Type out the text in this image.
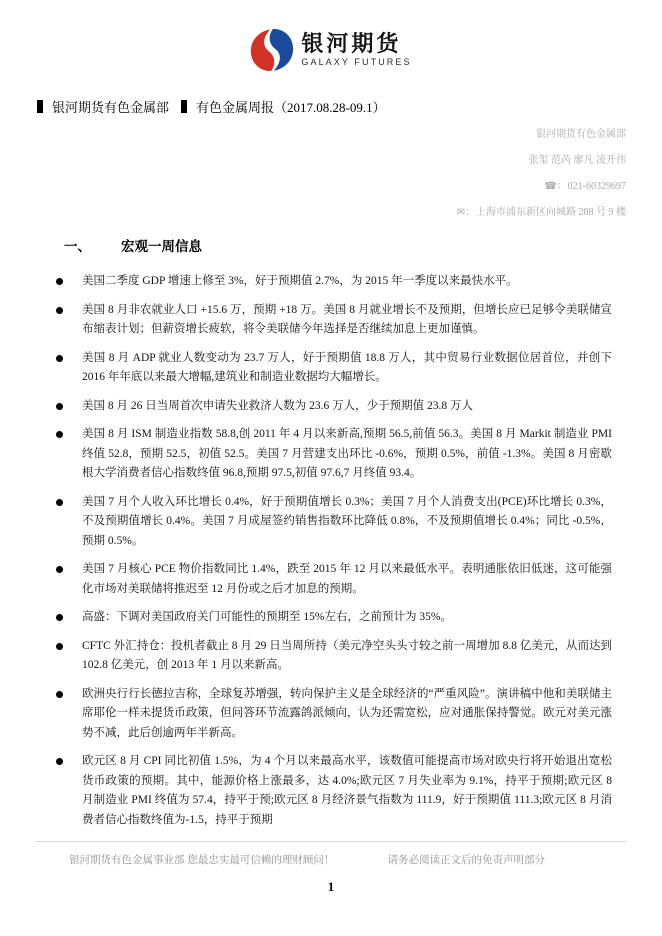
银河期货
GALAXY FUTURES
银河期货有色金属部 有色金属周报（2017.08.28-09.1）
银河期货有色金属部
张玺 范芮 廖凡 凌开伟
☎：021-60329697
✉：上海市浦东新区向城路 288 号 9 楼
一、 宏观一周信息
美国二季度 GDP 增速上修至 3%，好于预期值 2.7%，为 2015 年一季度以来最快水平。
美国 8 月非农就业人口 +15.6 万，预期 +18 万。美国 8 月就业增长不及预期，但增长应已足够令美联储宣布缩表计划；但薪资增长疲软，将令美联储今年选择是否继续加息上更加谨慎。
美国 8 月 ADP 就业人数变动为 23.7 万人，好于预期值 18.8 万人，其中贸易行业数据位居首位，并创下 2016 年年底以来最大增幅,建筑业和制造业数据均大幅增长。
美国 8 月 26 日当周首次申请失业救济人数为 23.6 万人，少于预期值 23.8 万人
美国 8 月 ISM 制造业指数 58.8,创 2011 年 4 月以来新高,预期 56.5,前值 56.3。美国 8 月 Markit 制造业 PMI 终值 52.8，预期 52.5，初值 52.5。美国 7 月营建支出环比 -0.6%，预期 0.5%，前值 -1.3%。美国 8 月密歇根大学消费者信心指数终值 96.8,预期 97.5,初值 97.6,7 月终值 93.4。
美国 7 月个人收入环比增长 0.4%，好于预期值增长 0.3%；美国 7 月个人消费支出(PCE)环比增长 0.3%，不及预期值增长 0.4%。美国 7 月成屋签约销售指数环比降低 0.8%，不及预期值增长 0.4%；同比 -0.5%，预期 0.5%。
美国 7 月核心 PCE 物价指数同比 1.4%，跌至 2015 年 12 月以来最低水平。表明通胀依旧低迷，这可能强化市场对美联储将推迟至 12 月份或之后才加息的预期。
高盛：下调对美国政府关门可能性的预期至 15%左右，之前预计为 35%。
CFTC 外汇持仓：投机者截止 8 月 29 日当周所持（美元净空头头寸较之前一周增加 8.8 亿美元，从而达到102.8 亿美元，创 2013 年 1 月以来新高。
欧洲央行行长德拉吉称，全球复苏增强，转向保护主义是全球经济的“严重风险”。演讲稿中他和美联储主席耶伦一样未提货币政策，但问答环节流露鸽派倾向，认为还需宽松，应对通胀保持警觉。欧元对美元涨势不减，此后创逾两年半新高。
欧元区 8 月 CPI 同比初值 1.5%，为 4 个月以来最高水平，该数值可能提高市场对欧央行将开始退出宽松货币政策的预期。其中，能源价格上涨最多，达 4.0%;欧元区 7 月失业率为 9.1%，持平于预期;欧元区 8 月制造业 PMI 终值为 57.4，持平于预;欧元区 8 月经济景气指数为 111.9，好于预期值 111.3;欧元区 8 月消费者信心指数终值为-1.5，持平于预期
银河期货有色金属事业部 您最忠实最可信赖的理财顾问！	请务必阅读正文后的免责声明部分
1
